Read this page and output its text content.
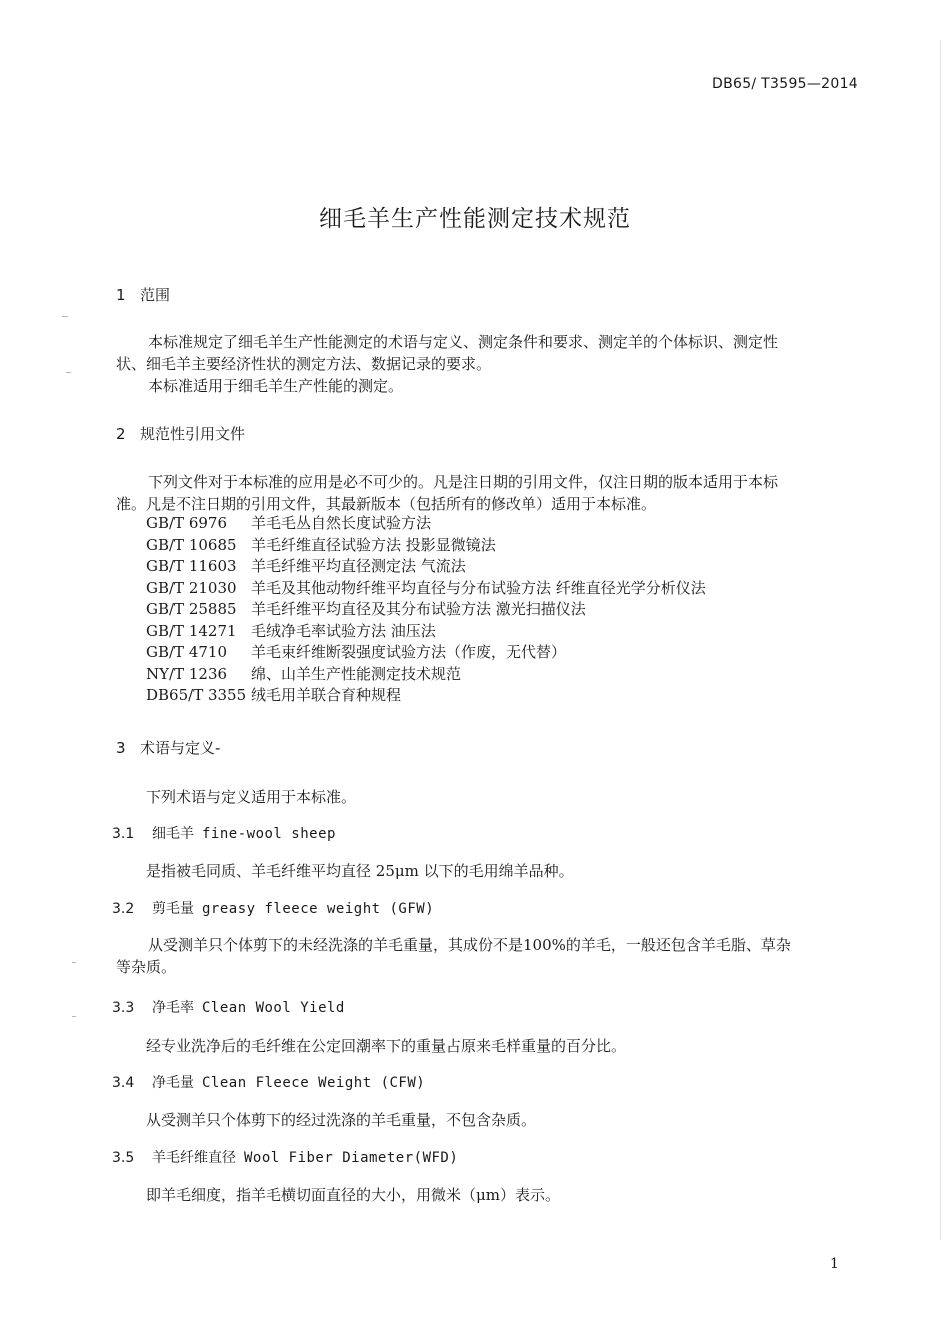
DB65/ T3595—2014
细毛羊生产性能测定技术规范
1 范围

本标准规定了细毛羊生产性能测定的术语与定义、测定条件和要求、测定羊的个体标识、测定性

状、细毛羊主要经济性状的测定方法、数据记录的要求。

本标准适用于细毛羊生产性能的测定。

2 规范性引用文件

下列文件对于本标准的应用是必不可少的。凡是注日期的引用文件，仅注日期的版本适用于本标

准。凡是不注日期的引用文件，其最新版本（包括所有的修改单）适用于本标准。

GB/T 6976	羊毛毛丛自然长度试验方法
GB/T 10685 羊毛纤维直径试验方法 投影显微镜法
GB/T 11603 羊毛纤维平均直径测定法 气流法
GB/T 21030 羊毛及其他动物纤维平均直径与分布试验方法 纤维直径光学分析仪法
GB/T 25885 羊毛纤维平均直径及其分布试验方法 激光扫描仪法
GB/T 14271 毛绒净毛率试验方法 油压法
GB/T 4710	羊毛束纤维断裂强度试验方法（作废，无代替）
NY/T 1236	绵、山羊生产性能测定技术规范
DB65/T 3355 绒毛用羊联合育种规程
3 术语与定义-
下列术语与定义适用于本标准。
3.1 细毛羊 fine-wool sheep

是指被毛同质、羊毛纤维平均直径 25μm 以下的毛用绵羊品种。

3.2 剪毛量 greasy fleece weight (GFW)

从受测羊只个体剪下的未经洗涤的羊毛重量，其成份不是100%的羊毛，一般还包含羊毛脂、草杂

等杂质。

3.3 净毛率 Clean Wool Yield

经专业洗净后的毛纤维在公定回潮率下的重量占原来毛样重量的百分比。

3.4 净毛量 Clean Fleece Weight (CFW)

从受测羊只个体剪下的经过洗涤的羊毛重量，不包含杂质。

3.5 羊毛纤维直径 Wool Fiber Diameter(WFD)

即羊毛细度，指羊毛横切面直径的大小，用微米（μm）表示。

1
